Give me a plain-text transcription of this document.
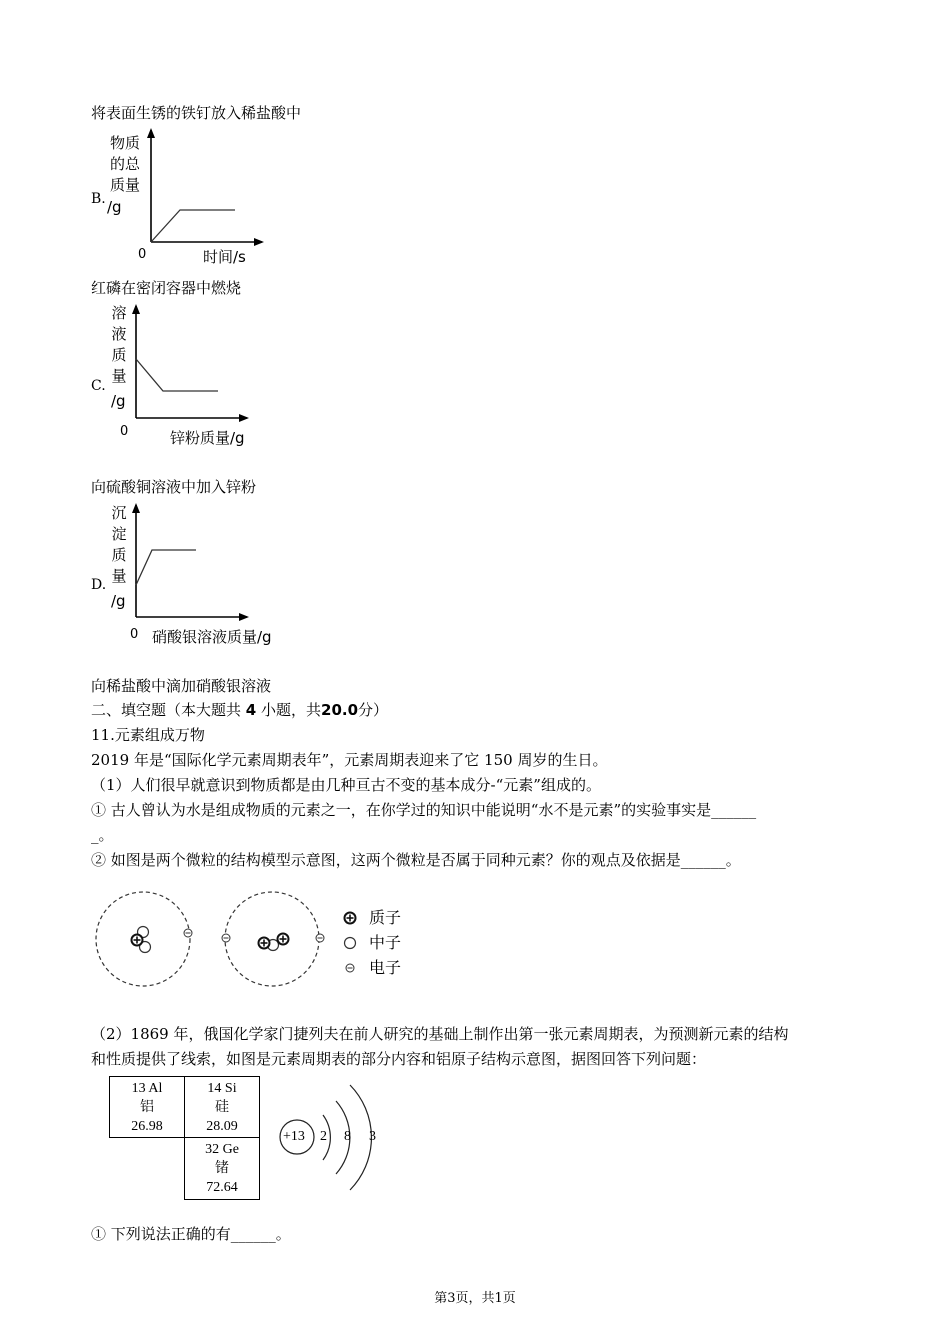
将表面生锈的铁钉放入稀盐酸中
B.
物质的总质量
/g
0	时间/s
红磷在密闭容器中燃烧
C.
溶液质量
/g
0	锌粉质量/g
向硫酸铜溶液中加入锌粉
D.
沉淀质量
/g
0 硝酸银溶液质量/g
向稀盐酸中滴加硝酸银溶液
二、填空题（本大题共 4 小题，共20.0分）
11.元素组成万物
2019 年是“国际化学元素周期表年”，元素周期表迎来了它 150 周岁的生日。
（1）人们很早就意识到物质都是由几种亘古不变的基本成分-“元素”组成的。
① 古人曾认为水是组成物质的元素之一，在你学过的知识中能说明“水不是元素”的实验事实是______
_。
② 如图是两个微粒的结构模型示意图，这两个微粒是否属于同种元素？你的观点及依据是______。
质子
中子
电子
（2）1869 年，俄国化学家门捷列夫在前人研究的基础上制作出第一张元素周期表，为预测新元素的结构
和性质提供了线索，如图是元素周期表的部分内容和铝原子结构示意图，据图回答下列问题：
13 Al
铝
26.98
14 Si
硅
28.09
32 Ge
锗
72.64
+13 2 8 3
① 下列说法正确的有______。
第3页，共1页
